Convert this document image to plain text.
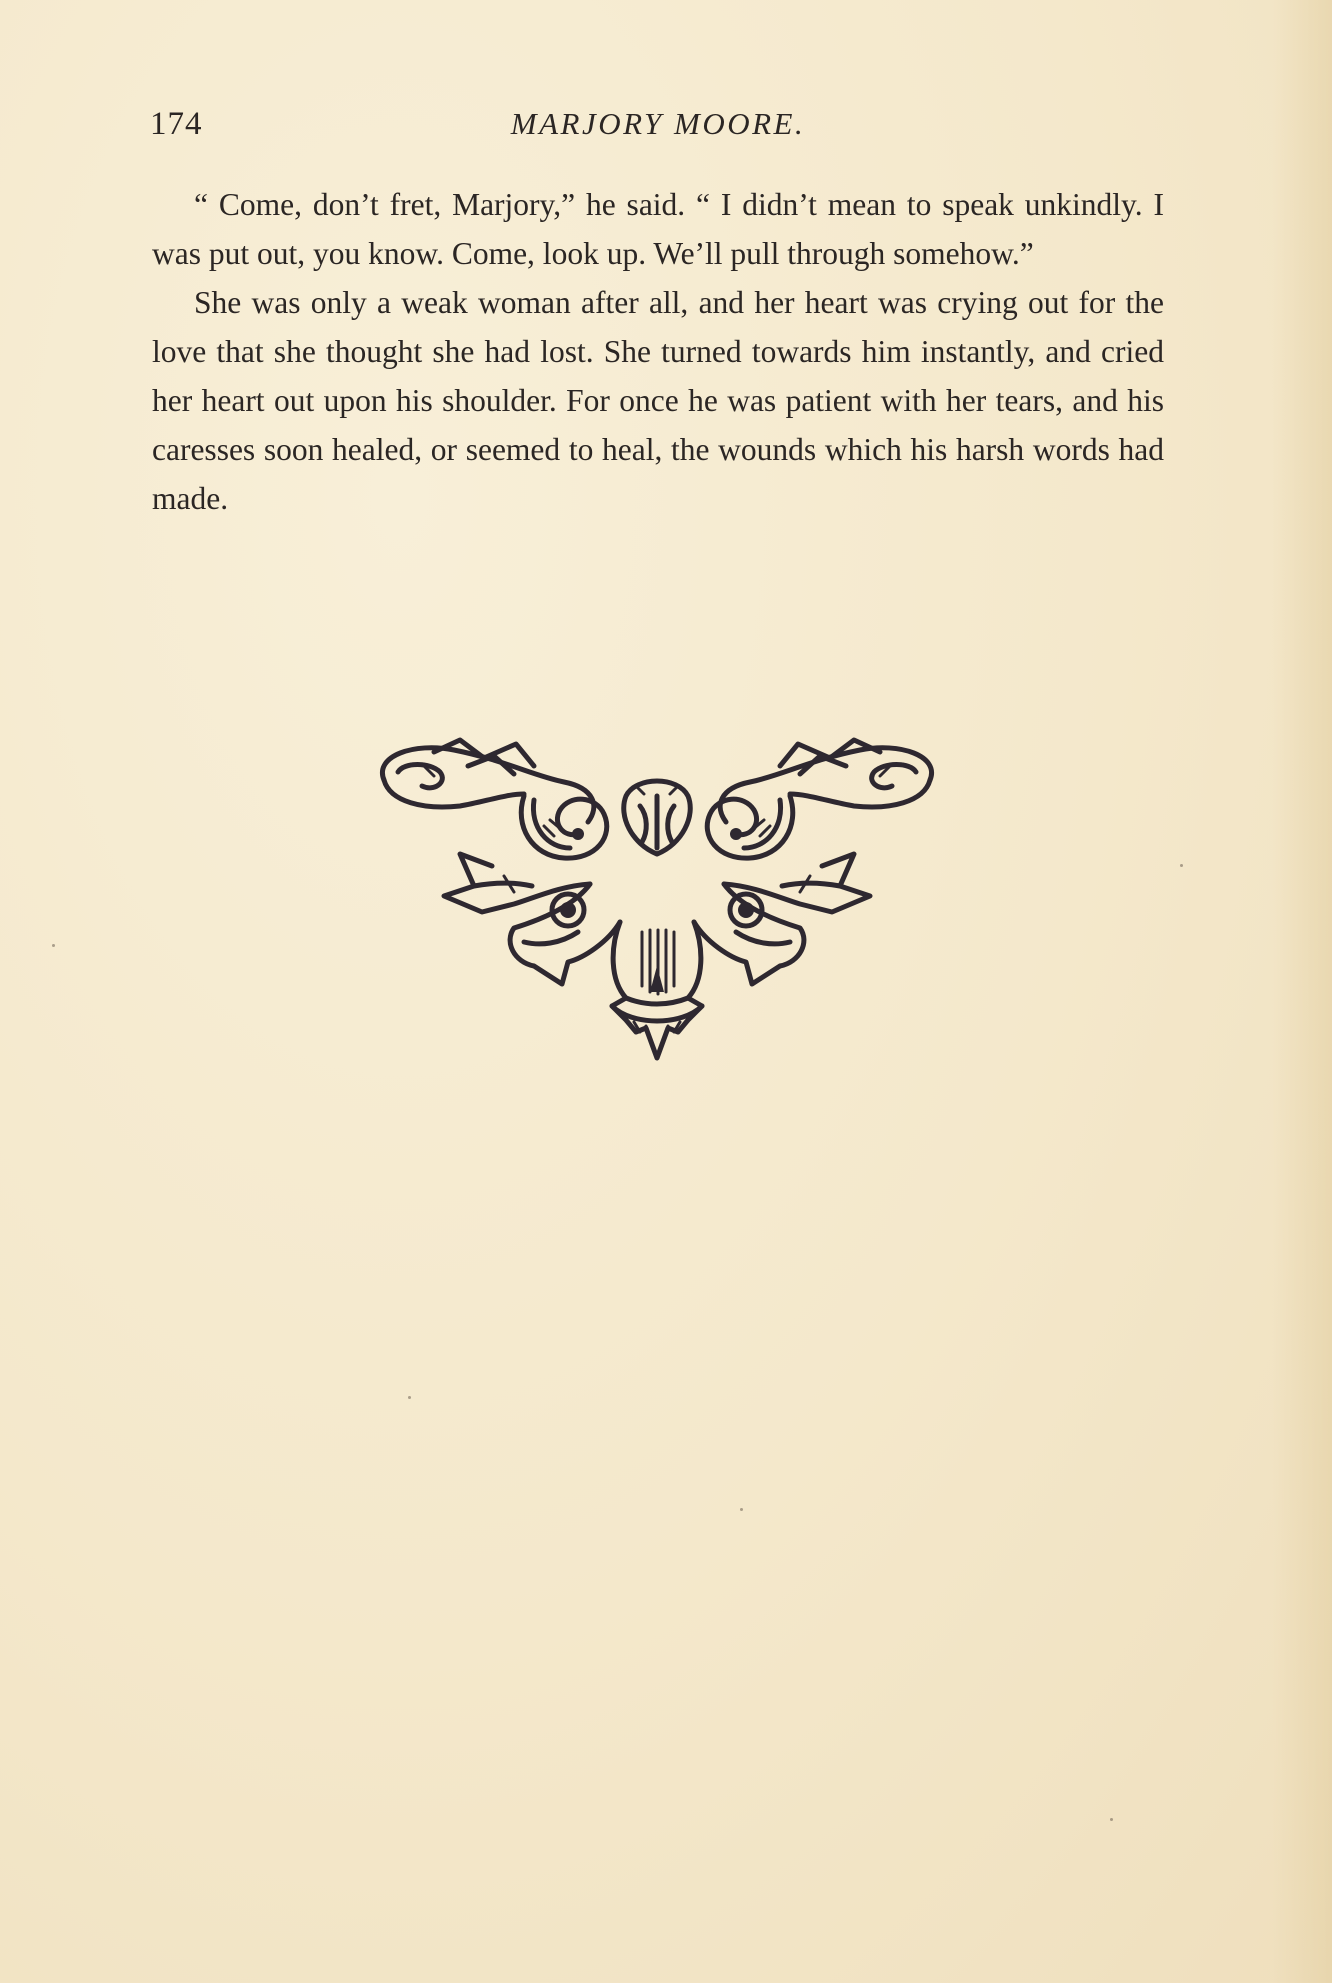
174	MARJORY MOORE.

“ Come, don’t fret, Marjory,” he said. “ I didn’t mean to speak unkindly. I was put out, you know. Come, look up. We’ll pull through somehow.”

She was only a weak woman after all, and her heart was crying out for the love that she thought she had lost. She turned towards him instantly, and cried her heart out upon his shoulder. For once he was patient with her tears, and his caresses soon healed, or seemed to heal, the wounds which his harsh words had made.
